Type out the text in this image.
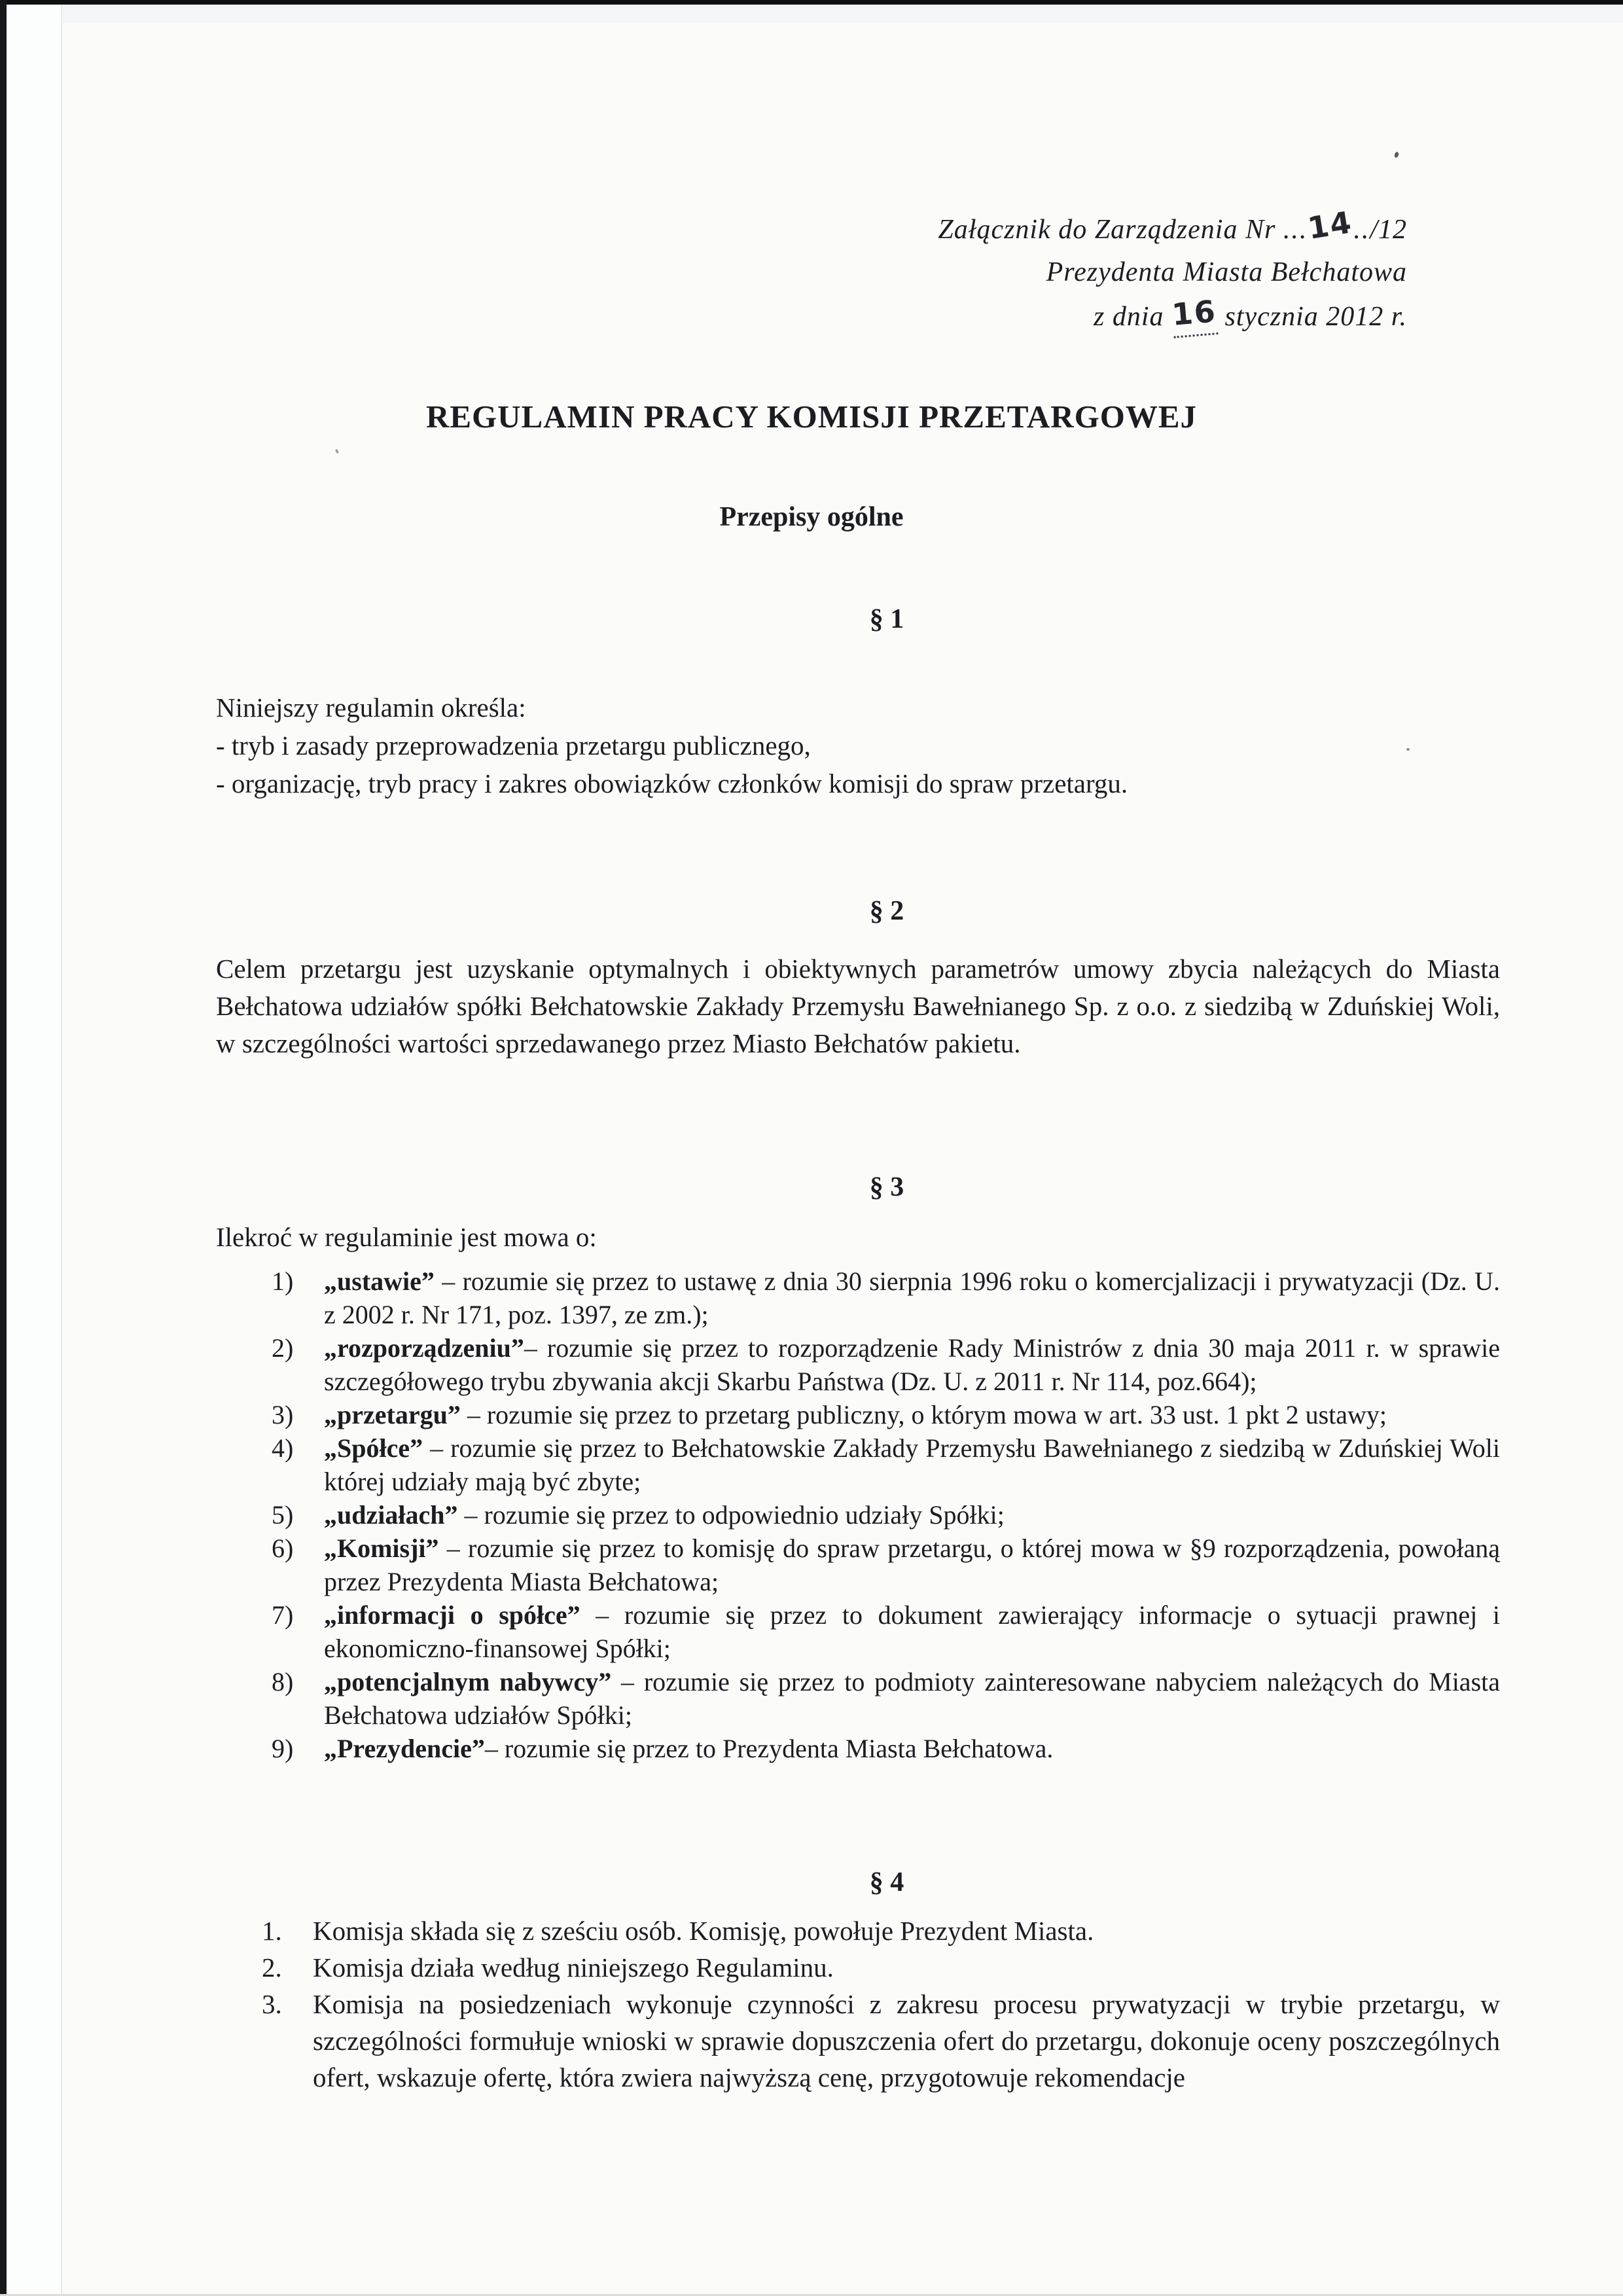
Załącznik do Zarządzenia Nr ...14../12
Prezydenta Miasta Bełchatowa
z dnia 16 stycznia 2012 r.
REGULAMIN PRACY KOMISJI PRZETARGOWEJ
Przepisy ogólne
§ 1
Niniejszy regulamin określa:
- tryb i zasady przeprowadzenia przetargu publicznego,
- organizację, tryb pracy i zakres obowiązków członków komisji do spraw przetargu.
§ 2
Celem przetargu jest uzyskanie optymalnych i obiektywnych parametrów umowy zbycia należących do Miasta Bełchatowa udziałów spółki Bełchatowskie Zakłady Przemysłu Bawełnianego Sp. z o.o. z siedzibą w Zduńskiej Woli, w szczególności wartości sprzedawanego przez Miasto Bełchatów pakietu.
§ 3
Ilekroć w regulaminie jest mowa o:
1)	„ustawie” – rozumie się przez to ustawę z dnia 30 sierpnia 1996 roku o komercjalizacji i prywatyzacji (Dz. U. z 2002 r. Nr 171, poz. 1397, ze zm.);
2)	„rozporządzeniu”– rozumie się przez to rozporządzenie Rady Ministrów z dnia 30 maja 2011 r. w sprawie szczegółowego trybu zbywania akcji Skarbu Państwa (Dz. U. z 2011 r. Nr 114, poz.664);
3)	„przetargu” – rozumie się przez to przetarg publiczny, o którym mowa w art. 33 ust. 1 pkt 2 ustawy;
4)	„Spółce” – rozumie się przez to Bełchatowskie Zakłady Przemysłu Bawełnianego z siedzibą w Zduńskiej Woli której udziały mają być zbyte;
5)	„udziałach” – rozumie się przez to odpowiednio udziały Spółki;
6)	„Komisji” – rozumie się przez to komisję do spraw przetargu, o której mowa w §9 rozporządzenia, powołaną przez Prezydenta Miasta Bełchatowa;
7)	„informacji o spółce” – rozumie się przez to dokument zawierający informacje o sytuacji prawnej i ekonomiczno-finansowej Spółki;
8)	„potencjalnym nabywcy” – rozumie się przez to podmioty zainteresowane nabyciem należących do Miasta Bełchatowa udziałów Spółki;
9)	„Prezydencie”– rozumie się przez to Prezydenta Miasta Bełchatowa.
§ 4
1.	Komisja składa się z sześciu osób. Komisję, powołuje Prezydent Miasta.
2.	Komisja działa według niniejszego Regulaminu.
3.	Komisja na posiedzeniach wykonuje czynności z zakresu procesu prywatyzacji w trybie przetargu, w szczególności formułuje wnioski w sprawie dopuszczenia ofert do przetargu, dokonuje oceny poszczególnych ofert, wskazuje ofertę, która zwiera najwyższą cenę, przygotowuje rekomendacje
